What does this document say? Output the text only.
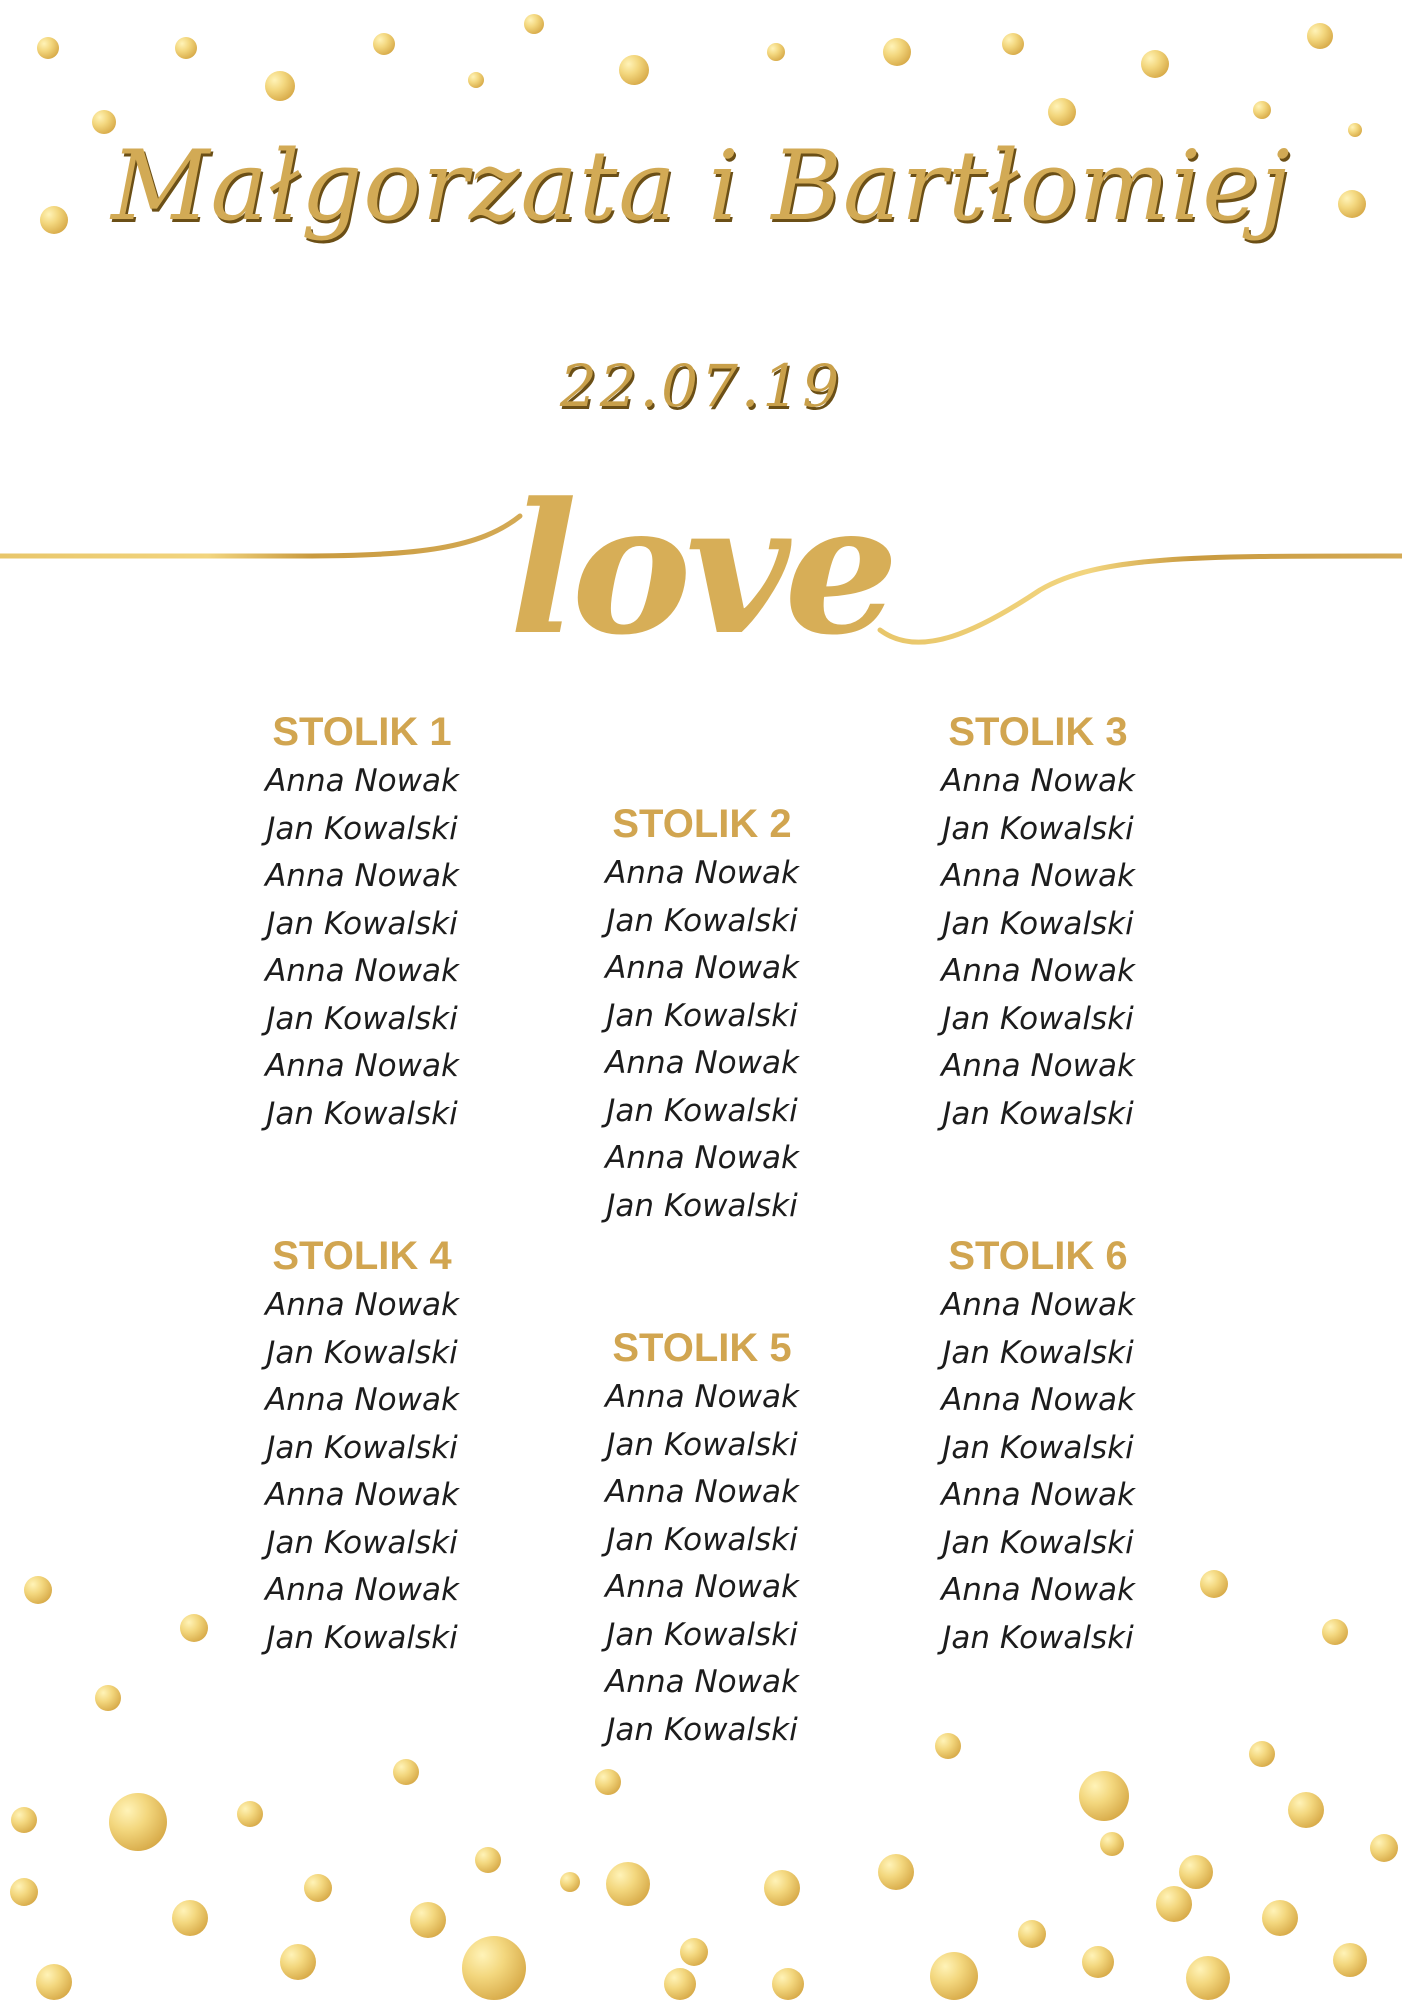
Małgorzata i Bartłomiej
22.07.19
love
STOLIK 1
Anna Nowak
Jan Kowalski
Anna Nowak
Jan Kowalski
Anna Nowak
Jan Kowalski
Anna Nowak
Jan Kowalski
STOLIK 2
Anna Nowak
Jan Kowalski
Anna Nowak
Jan Kowalski
Anna Nowak
Jan Kowalski
Anna Nowak
Jan Kowalski
STOLIK 3
Anna Nowak
Jan Kowalski
Anna Nowak
Jan Kowalski
Anna Nowak
Jan Kowalski
Anna Nowak
Jan Kowalski
STOLIK 4
Anna Nowak
Jan Kowalski
Anna Nowak
Jan Kowalski
Anna Nowak
Jan Kowalski
Anna Nowak
Jan Kowalski
STOLIK 5
Anna Nowak
Jan Kowalski
Anna Nowak
Jan Kowalski
Anna Nowak
Jan Kowalski
Anna Nowak
Jan Kowalski
STOLIK 6
Anna Nowak
Jan Kowalski
Anna Nowak
Jan Kowalski
Anna Nowak
Jan Kowalski
Anna Nowak
Jan Kowalski
